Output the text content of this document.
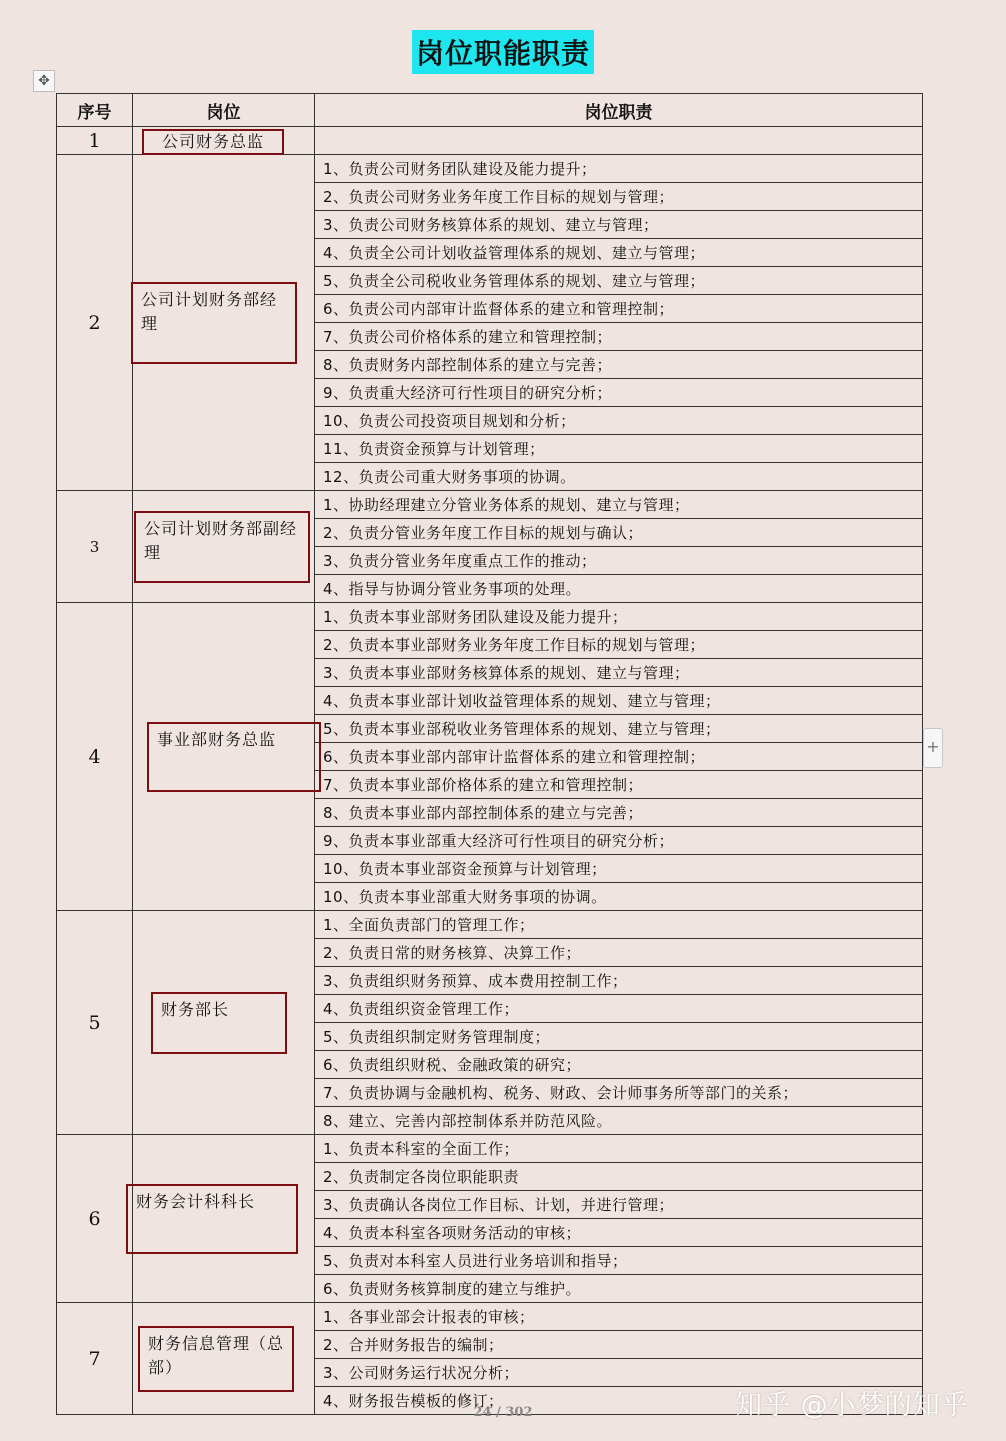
岗位职能职责
✥
序号	岗位	岗位职责
1	公司财务总监	

2	公司计划财务部经理	1、负责公司财务团队建设及能力提升；
		2、负责公司财务业务年度工作目标的规划与管理；
		3、负责公司财务核算体系的规划、建立与管理；
		4、负责全公司计划收益管理体系的规划、建立与管理；
		5、负责全公司税收业务管理体系的规划、建立与管理；
		6、负责公司内部审计监督体系的建立和管理控制；
		7、负责公司价格体系的建立和管理控制；
		8、负责财务内部控制体系的建立与完善；
		9、负责重大经济可行性项目的研究分析；
		10、负责公司投资项目规划和分析；
		11、负责资金预算与计划管理；
		12、负责公司重大财务事项的协调。
3	公司计划财务部副经理	1、协助经理建立分管业务体系的规划、建立与管理；
		2、负责分管业务年度工作目标的规划与确认；
		3、负责分管业务年度重点工作的推动；
		4、指导与协调分管业务事项的处理。
4	事业部财务总监	1、负责本事业部财务团队建设及能力提升；
		2、负责本事业部财务业务年度工作目标的规划与管理；
		3、负责本事业部财务核算体系的规划、建立与管理；
		4、负责本事业部计划收益管理体系的规划、建立与管理；
		5、负责本事业部税收业务管理体系的规划、建立与管理；
		6、负责本事业部内部审计监督体系的建立和管理控制；
		7、负责本事业部价格体系的建立和管理控制；
		8、负责本事业部内部控制体系的建立与完善；
		9、负责本事业部重大经济可行性项目的研究分析；
		10、负责本事业部资金预算与计划管理；
		10、负责本事业部重大财务事项的协调。
5	财务部长	1、全面负责部门的管理工作；
		2、负责日常的财务核算、决算工作；
		3、负责组织财务预算、成本费用控制工作；
		4、负责组织资金管理工作；
		5、负责组织制定财务管理制度；
		6、负责组织财税、金融政策的研究；
		7、负责协调与金融机构、税务、财政、会计师事务所等部门的关系；
		8、建立、完善内部控制体系并防范风险。
6	财务会计科科长	1、负责本科室的全面工作；
		2、负责制定各岗位职能职责
		3、负责确认各岗位工作目标、计划，并进行管理；
		4、负责本科室各项财务活动的审核；
		5、负责对本科室人员进行业务培训和指导；
		6、负责财务核算制度的建立与维护。
7	财务信息管理（总部）	1、各事业部会计报表的审核；
		2、合并财务报告的编制；
		3、公司财务运行状况分析；
		4、财务报告模板的修订；
+
24 / 302	知乎 @小梦的知乎
